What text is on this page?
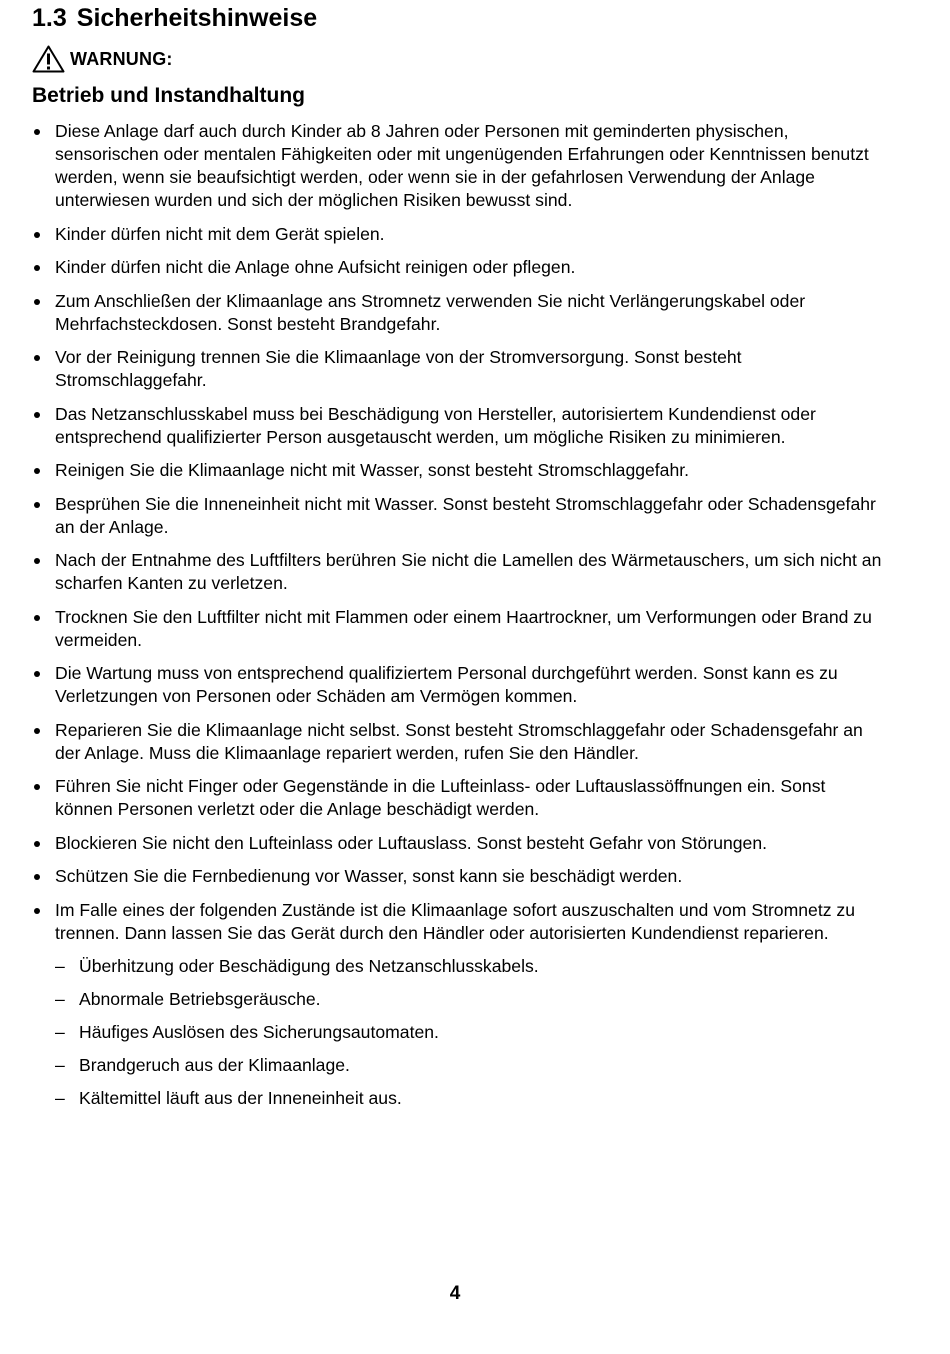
1.3 Sicherheitshinweise
WARNUNG:
Betrieb und Instandhaltung
Diese Anlage darf auch durch Kinder ab 8 Jahren oder Personen mit geminderten physischen, sensorischen oder mentalen Fähigkeiten oder mit ungenügenden Erfahrungen oder Kenntnissen benutzt werden, wenn sie beaufsichtigt werden, oder wenn sie in der gefahrlosen Verwendung der Anlage unterwiesen wurden und sich der möglichen Risiken bewusst sind.
Kinder dürfen nicht mit dem Gerät spielen.
Kinder dürfen nicht die Anlage ohne Aufsicht reinigen oder pflegen.
Zum Anschließen der Klimaanlage ans Stromnetz verwenden Sie nicht Verlängerungskabel oder Mehrfachsteckdosen. Sonst besteht Brandgefahr.
Vor der Reinigung trennen Sie die Klimaanlage von der Stromversorgung. Sonst besteht Stromschlaggefahr.
Das Netzanschlusskabel muss bei Beschädigung von Hersteller, autorisiertem Kundendienst oder entsprechend qualifizierter Person ausgetauscht werden, um mögliche Risiken zu minimieren.
Reinigen Sie die Klimaanlage nicht mit Wasser, sonst besteht Stromschlaggefahr.
Besprühen Sie die Inneneinheit nicht mit Wasser. Sonst besteht Stromschlaggefahr oder Schadensgefahr an der Anlage.
Nach der Entnahme des Luftfilters berühren Sie nicht die Lamellen des Wärmetauschers, um sich nicht an scharfen Kanten zu verletzen.
Trocknen Sie den Luftfilter nicht mit Flammen oder einem Haartrockner, um Verformungen oder Brand zu vermeiden.
Die Wartung muss von entsprechend qualifiziertem Personal durchgeführt werden. Sonst kann es zu Verletzungen von Personen oder Schäden am Vermögen kommen.
Reparieren Sie die Klimaanlage nicht selbst. Sonst besteht Stromschlaggefahr oder Schadensgefahr an der Anlage. Muss die Klimaanlage repariert werden, rufen Sie den Händler.
Führen Sie nicht Finger oder Gegenstände in die Lufteinlass- oder Luftauslassöffnungen ein. Sonst können Personen verletzt oder die Anlage beschädigt werden.
Blockieren Sie nicht den Lufteinlass oder Luftauslass. Sonst besteht Gefahr von Störungen.
Schützen Sie die Fernbedienung vor Wasser, sonst kann sie beschädigt werden.
Im Falle eines der folgenden Zustände ist die Klimaanlage sofort auszuschalten und vom Stromnetz zu trennen. Dann lassen Sie das Gerät durch den Händler oder autorisierten Kundendienst reparieren.
– Überhitzung oder Beschädigung des Netzanschlusskabels.
– Abnormale Betriebsgeräusche.
– Häufiges Auslösen des Sicherungsautomaten.
– Brandgeruch aus der Klimaanlage.
– Kältemittel läuft aus der Inneneinheit aus.
4
